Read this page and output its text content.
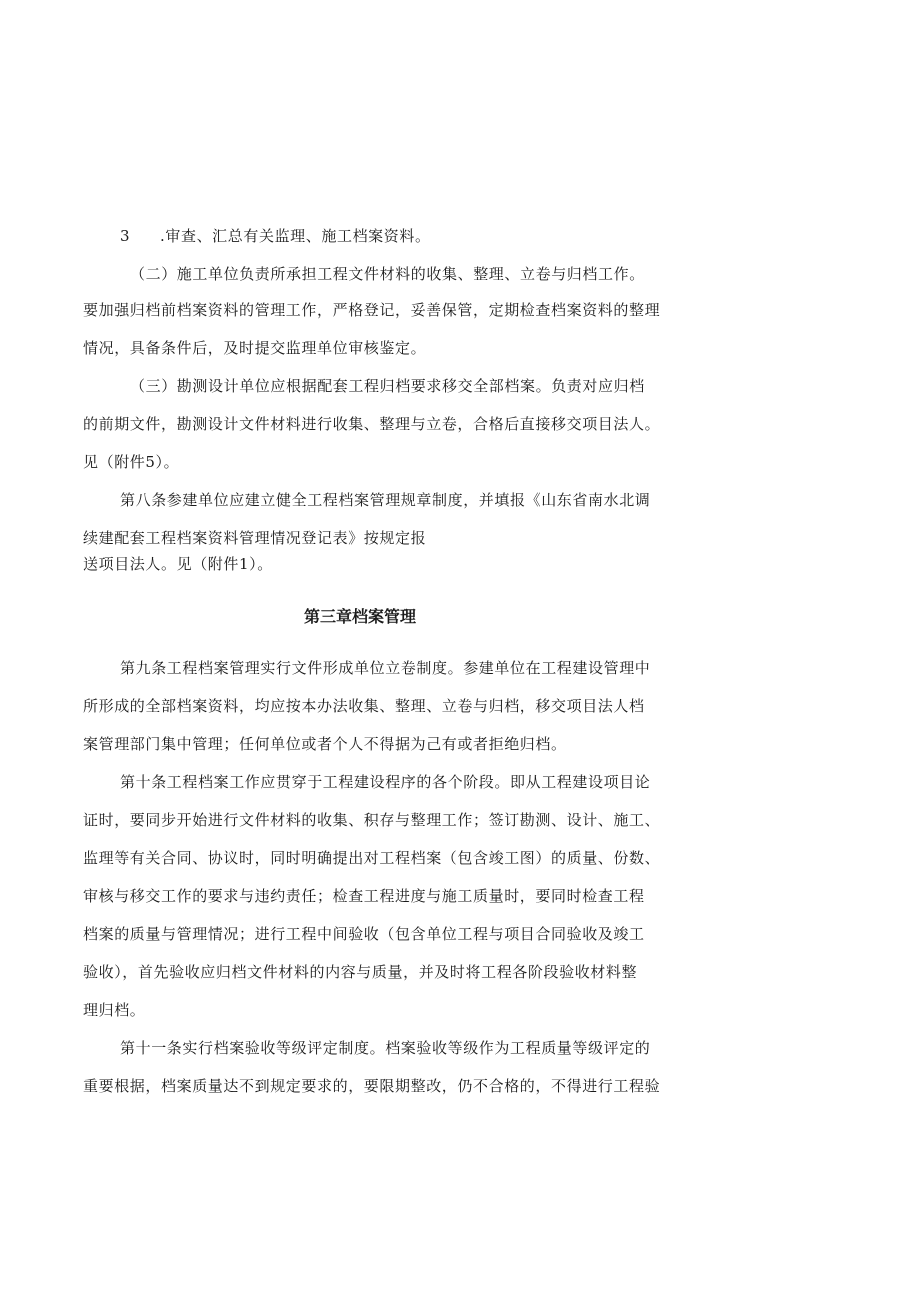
3 .审查、汇总有关监理、施工档案资料。
（二）施工单位负责所承担工程文件材料的收集、整理、立卷与归档工作。
要加强归档前档案资料的管理工作，严格登记，妥善保管，定期检查档案资料的整理
情况，具备条件后，及时提交监理单位审核鉴定。
（三）勘测设计单位应根据配套工程归档要求移交全部档案。负责对应归档
的前期文件，勘测设计文件材料进行收集、整理与立卷，合格后直接移交项目法人。
见（附件5）。
第八条参建单位应建立健全工程档案管理规章制度，并填报《山东省南水北调
续建配套工程档案资料管理情况登记表》按规定报
送项目法人。见（附件1）。
第三章档案管理
第九条工程档案管理实行文件形成单位立卷制度。参建单位在工程建设管理中
所形成的全部档案资料，均应按本办法收集、整理、立卷与归档，移交项目法人档
案管理部门集中管理；任何单位或者个人不得据为己有或者拒绝归档。
第十条工程档案工作应贯穿于工程建设程序的各个阶段。即从工程建设项目论
证时，要同步开始进行文件材料的收集、积存与整理工作；签订勘测、设计、施工、
监理等有关合同、协议时，同时明确提出对工程档案（包含竣工图）的质量、份数、
审核与移交工作的要求与违约责任；检查工程进度与施工质量时，要同时检查工程
档案的质量与管理情况；进行工程中间验收（包含单位工程与项目合同验收及竣工
验收），首先验收应归档文件材料的内容与质量，并及时将工程各阶段验收材料整
理归档。
第十一条实行档案验收等级评定制度。档案验收等级作为工程质量等级评定的
重要根据，档案质量达不到规定要求的，要限期整改，仍不合格的，不得进行工程验
